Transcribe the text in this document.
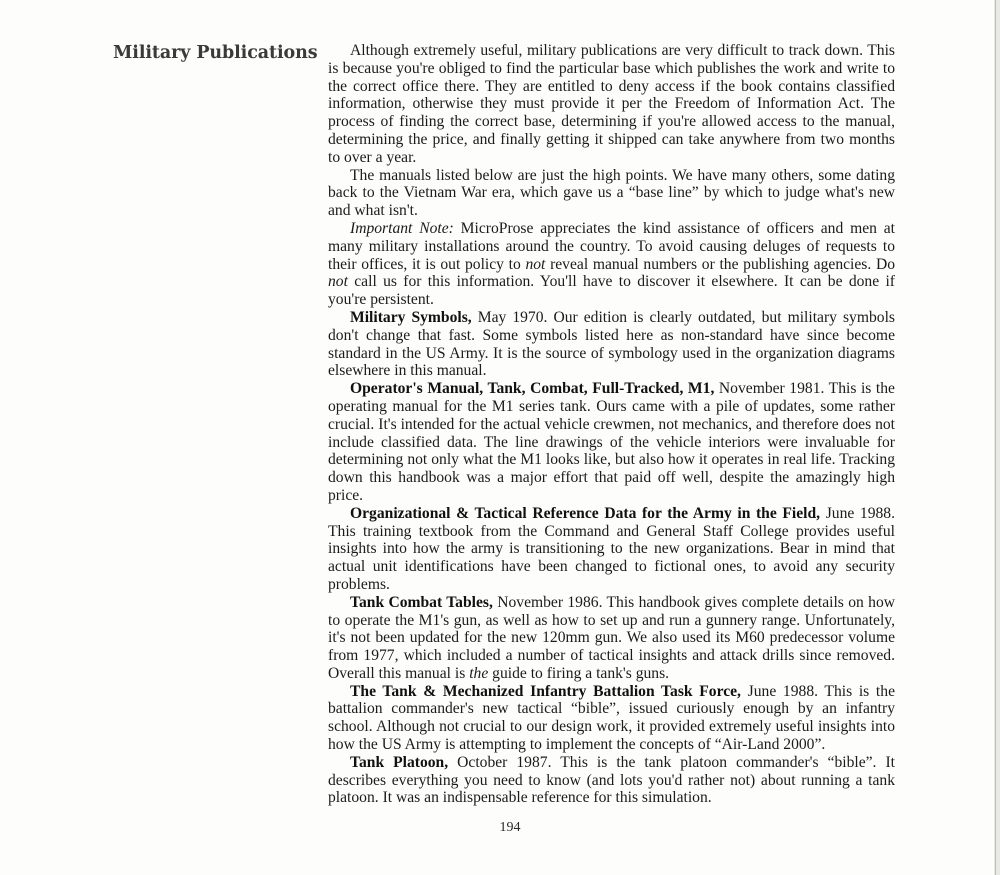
Military Publications	Although extremely useful, military publications are very difficult to track down. This is because you're obliged to find the particular base which publishes the work and write to the correct office there. They are entitled to deny access if the book contains classified information, otherwise they must provide it per the Freedom of Information Act. The process of finding the correct base, determining if you're allowed access to the manual, determining the price, and finally getting it shipped can take anywhere from two months to over a year.

The manuals listed below are just the high points. We have many others, some dating back to the Vietnam War era, which gave us a “base line” by which to judge what's new and what isn't.

Important Note: MicroProse appreciates the kind assistance of officers and men at many military installations around the country. To avoid causing deluges of requests to their offices, it is out policy to not reveal manual numbers or the publishing agencies. Do not call us for this information. You'll have to discover it elsewhere. It can be done if you're persistent.

Military Symbols, May 1970. Our edition is clearly outdated, but military symbols don't change that fast. Some symbols listed here as non-standard have since become standard in the US Army. It is the source of symbology used in the organization diagrams elsewhere in this manual.

Operator's Manual, Tank, Combat, Full-Tracked, M1, November 1981. This is the operating manual for the M1 series tank. Ours came with a pile of updates, some rather crucial. It's intended for the actual vehicle crewmen, not mechanics, and therefore does not include classified data. The line drawings of the vehicle interiors were invaluable for determining not only what the M1 looks like, but also how it operates in real life. Tracking down this handbook was a major effort that paid off well, despite the amazingly high price.

Organizational & Tactical Reference Data for the Army in the Field, June 1988. This training textbook from the Command and General Staff College provides useful insights into how the army is transitioning to the new organizations. Bear in mind that actual unit identifications have been changed to fictional ones, to avoid any security problems.

Tank Combat Tables, November 1986. This handbook gives complete details on how to operate the M1's gun, as well as how to set up and run a gunnery range. Unfortunately, it's not been updated for the new 120mm gun. We also used its M60 predecessor volume from 1977, which included a number of tactical insights and attack drills since removed. Overall this manual is the guide to firing a tank's guns.

The Tank & Mechanized Infantry Battalion Task Force, June 1988. This is the battalion commander's new tactical “bible”, issued curiously enough by an infantry school. Although not crucial to our design work, it provided extremely useful insights into how the US Army is attempting to implement the concepts of “Air-Land 2000”.

Tank Platoon, October 1987. This is the tank platoon commander's “bible”. It describes everything you need to know (and lots you'd rather not) about running a tank platoon. It was an indispensable reference for this simulation.

194
